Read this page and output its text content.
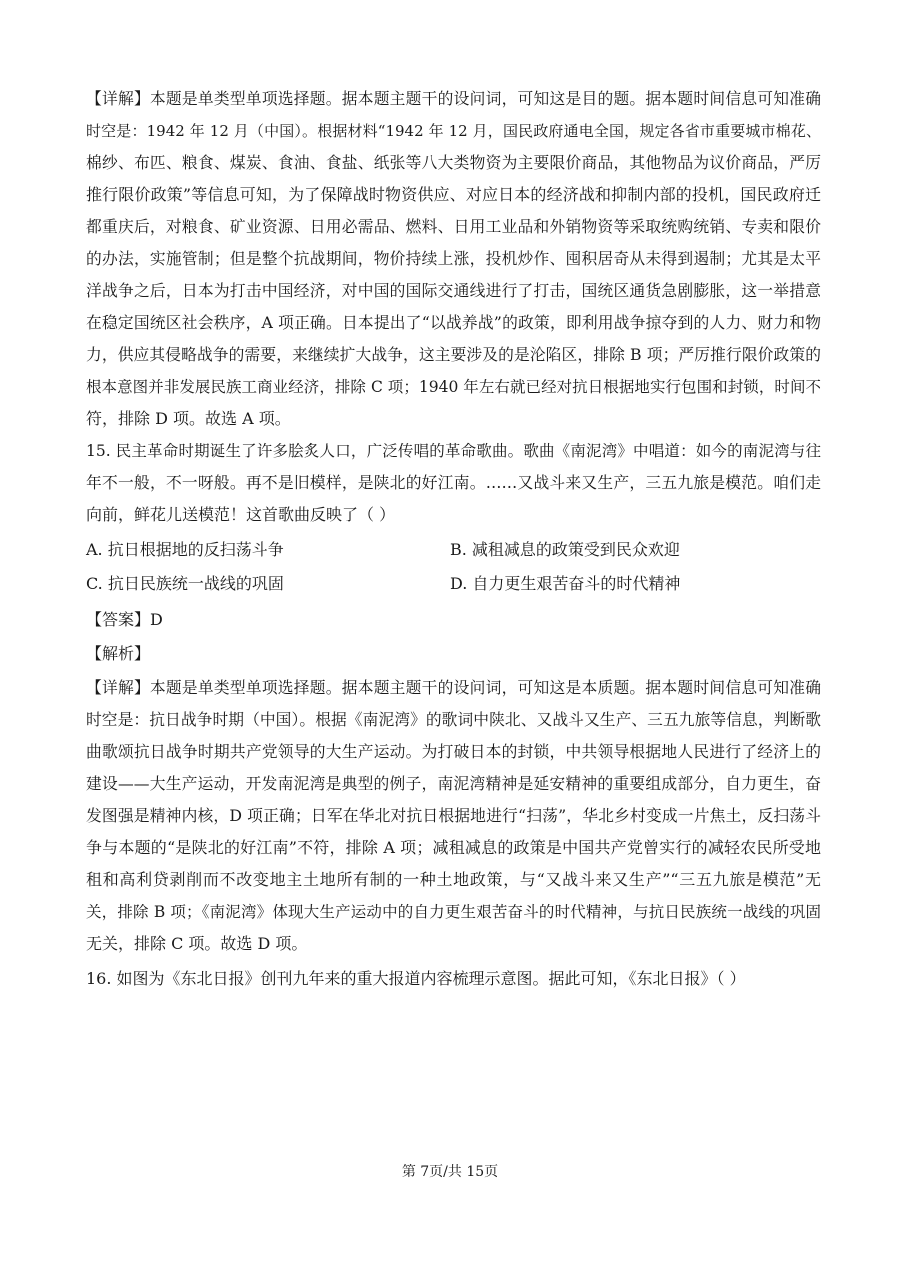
【详解】本题是单类型单项选择题。据本题主题干的设问词，可知这是目的题。据本题时间信息可知准确
时空是：1942 年 12 月（中国）。根据材料“1942 年 12 月，国民政府通电全国，规定各省市重要城市棉花、
棉纱、布匹、粮食、煤炭、食油、食盐、纸张等八大类物资为主要限价商品，其他物品为议价商品，严厉
推行限价政策”等信息可知，为了保障战时物资供应、对应日本的经济战和抑制内部的投机，国民政府迁
都重庆后，对粮食、矿业资源、日用必需品、燃料、日用工业品和外销物资等采取统购统销、专卖和限价
的办法，实施管制；但是整个抗战期间，物价持续上涨，投机炒作、囤积居奇从未得到遏制；尤其是太平
洋战争之后，日本为打击中国经济，对中国的国际交通线进行了打击，国统区通货急剧膨胀，这一举措意
在稳定国统区社会秩序，A 项正确。日本提出了“以战养战”的政策，即利用战争掠夺到的人力、财力和物
力，供应其侵略战争的需要，来继续扩大战争，这主要涉及的是沦陷区，排除 B 项；严厉推行限价政策的
根本意图并非发展民族工商业经济，排除 C 项；1940 年左右就已经对抗日根据地实行包围和封锁，时间不
符，排除 D 项。故选 A 项。
15. 民主革命时期诞生了许多脍炙人口，广泛传唱的革命歌曲。歌曲《南泥湾》中唱道：如今的南泥湾与往
年不一般，不一呀般。再不是旧模样，是陕北的好江南。……又战斗来又生产，三五九旅是模范。咱们走
向前，鲜花儿送模范！这首歌曲反映了（ ）
A. 抗日根据地的反扫荡斗争	B. 减租减息的政策受到民众欢迎
C. 抗日民族统一战线的巩固	D. 自力更生艰苦奋斗的时代精神
【答案】D
【解析】
【详解】本题是单类型单项选择题。据本题主题干的设问词，可知这是本质题。据本题时间信息可知准确
时空是：抗日战争时期（中国）。根据《南泥湾》的歌词中陕北、又战斗又生产、三五九旅等信息，判断歌
曲歌颂抗日战争时期共产党领导的大生产运动。为打破日本的封锁，中共领导根据地人民进行了经济上的
建设——大生产运动，开发南泥湾是典型的例子，南泥湾精神是延安精神的重要组成部分，自力更生，奋
发图强是精神内核，D 项正确；日军在华北对抗日根据地进行“扫荡”，华北乡村变成一片焦土，反扫荡斗
争与本题的“是陕北的好江南”不符，排除 A 项；减租减息的政策是中国共产党曾实行的减轻农民所受地
租和高利贷剥削而不改变地主土地所有制的一种土地政策，与“又战斗来又生产”“三五九旅是模范”无
关，排除 B 项；《南泥湾》体现大生产运动中的自力更生艰苦奋斗的时代精神，与抗日民族统一战线的巩固
无关，排除 C 项。故选 D 项。
16. 如图为《东北日报》创刊九年来的重大报道内容梳理示意图。据此可知，《东北日报》（ ）
第 7页/共 15页
